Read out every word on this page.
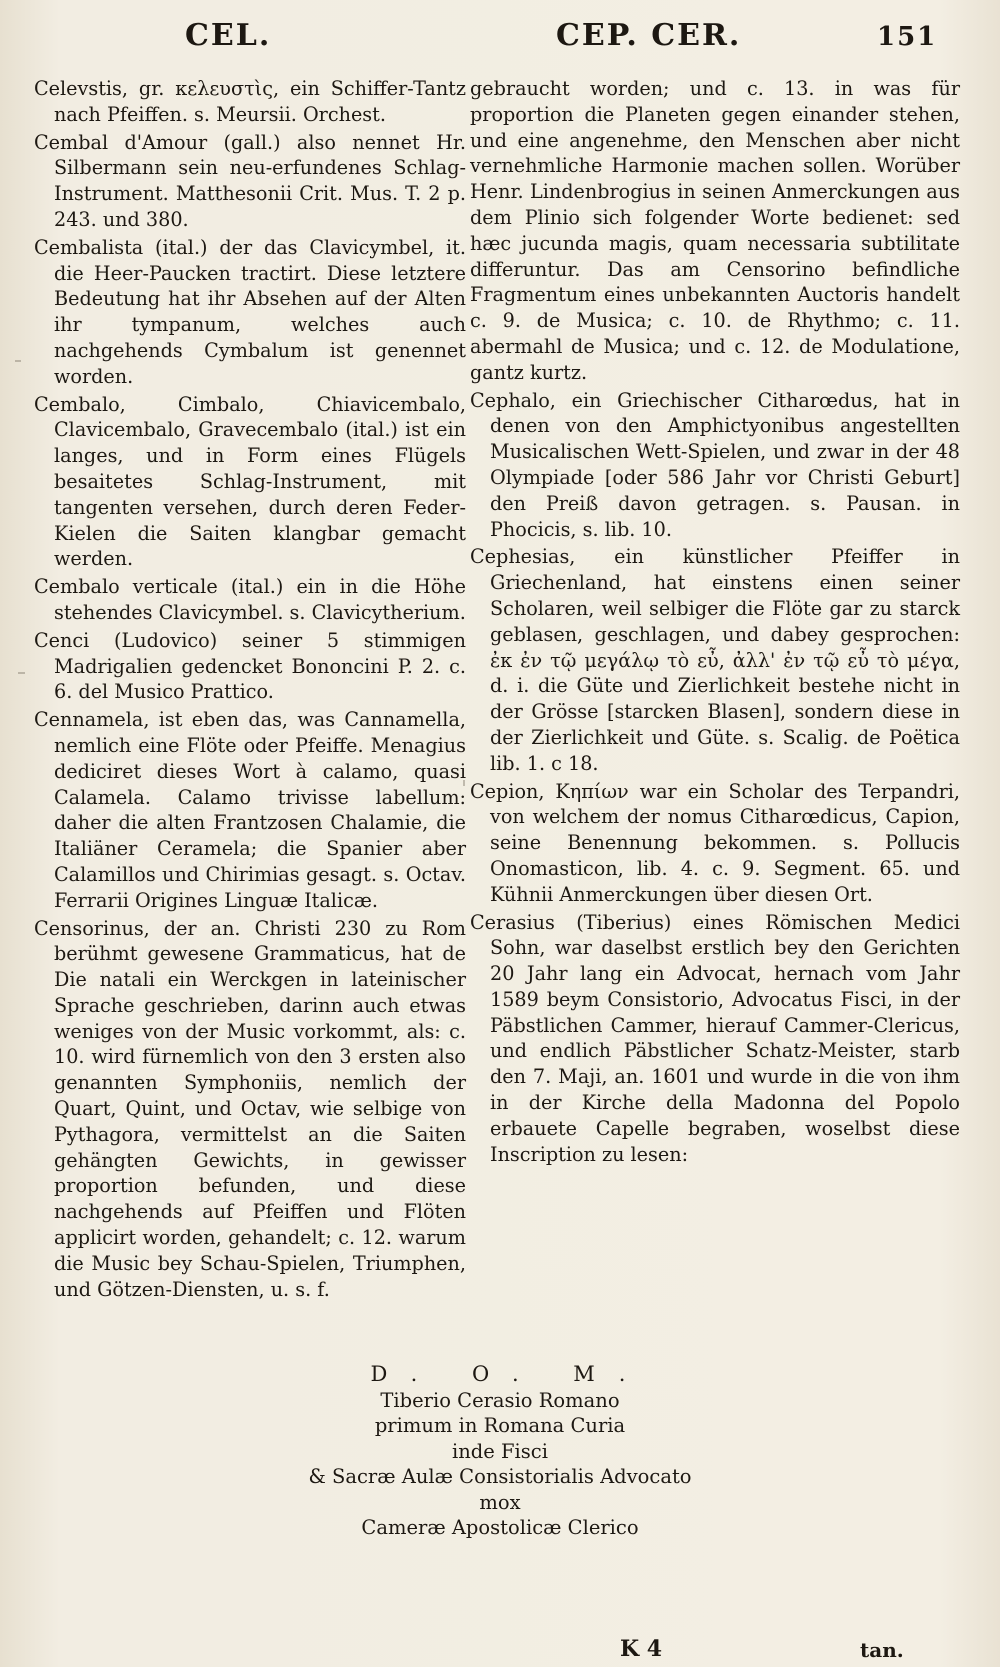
CEL.	CEP. CER.	151

Celevstis, gr. κελευστὶς, ein Schiffer-Tantz nach Pfeiffen. s. Meursii. Orchest.

Cembal d'Amour (gall.) also nennet Hr. Silbermann sein neu-erfundenes Schlag-Instrument. Matthesonii Crit. Mus. T. 2 p. 243. und 380.

Cembalista (ital.) der das Clavicymbel, it. die Heer-Paucken tractirt. Diese letztere Bedeutung hat ihr Absehen auf der Alten ihr tympanum, welches auch nachgehends Cymbalum ist genennet worden.

Cembalo, Cimbalo, Chiavicembalo, Clavicembalo, Gravecembalo (ital.) ist ein langes, und in Form eines Flügels besaitetes Schlag-Instrument, mit tangenten versehen, durch deren Feder-Kielen die Saiten klangbar gemacht werden.

Cembalo verticale (ital.) ein in die Höhe stehendes Clavicymbel. s. Clavicytherium.

Cenci (Ludovico) seiner 5 stimmigen Madrigalien gedencket Bononcini P. 2. c. 6. del Musico Prattico.

Cennamela, ist eben das, was Cannamella, nemlich eine Flöte oder Pfeiffe. Menagius dediciret dieses Wort à calamo, quasi Calamela. Calamo trivisse labellum: daher die alten Frantzosen Chalamie, die Italiäner Ceramela; die Spanier aber Calamillos und Chirimias gesagt. s. Octav. Ferrarii Origines Linguæ Italicæ.

Censorinus, der an. Christi 230 zu Rom berühmt gewesene Grammaticus, hat de Die natali ein Werckgen in lateinischer Sprache geschrieben, darinn auch etwas weniges von der Music vorkommt, als: c. 10. wird fürnemlich von den 3 ersten also genannten Symphoniis, nemlich der Quart, Quint, und Octav, wie selbige von Pythagora, vermittelst an die Saiten gehängten Gewichts, in gewisser proportion befunden, und diese nachgehends auf Pfeiffen und Flöten applicirt worden, gehandelt; c. 12. warum die Music bey Schau-Spielen, Triumphen, und Götzen-Diensten, u. s. f.

gebraucht worden; und c. 13. in was für proportion die Planeten gegen einander stehen, und eine angenehme, den Menschen aber nicht vernehmliche Harmonie machen sollen. Worüber Henr. Lindenbrogius in seinen Anmerckungen aus dem Plinio sich folgender Worte bedienet: sed hæc jucunda magis, quam necessaria subtilitate differuntur. Das am Censorino befindliche Fragmentum eines unbekannten Auctoris handelt c. 9. de Musica; c. 10. de Rhythmo; c. 11. abermahl de Musica; und c. 12. de Modulatione, gantz kurtz.

Cephalo, ein Griechischer Citharœdus, hat in denen von den Amphictyonibus angestellten Musicalischen Wett-Spielen, und zwar in der 48 Olympiade [oder 586 Jahr vor Christi Geburt] den Preiß davon getragen. s. Pausan. in Phocicis, s. lib. 10.

Cephesias, ein künstlicher Pfeiffer in Griechenland, hat einstens einen seiner Scholaren, weil selbiger die Flöte gar zu starck geblasen, geschlagen, und dabey gesprochen: ἐκ ἐν τῷ μεγάλῳ τὸ εὖ, ἀλλ' ἐν τῷ εὖ τὸ μέγα, d. i. die Güte und Zierlichkeit bestehe nicht in der Grösse [starcken Blasen], sondern diese in der Zierlichkeit und Güte. s. Scalig. de Poëtica lib. 1. c 18.

Cepion, Κηπίων war ein Scholar des Terpandri, von welchem der nomus Citharœdicus, Capion, seine Benennung bekommen. s. Pollucis Onomasticon, lib. 4. c. 9. Segment. 65. und Kühnii Anmerckungen über diesen Ort.

Cerasius (Tiberius) eines Römischen Medici Sohn, war daselbst erstlich bey den Gerichten 20 Jahr lang ein Advocat, hernach vom Jahr 1589 beym Consistorio, Advocatus Fisci, in der Päbstlichen Cammer, hierauf Cammer-Clericus, und endlich Päbstlicher Schatz-Meister, starb den 7. Maji, an. 1601 und wurde in die von ihm in der Kirche della Madonna del Popolo erbauete Capelle begraben, woselbst diese Inscription zu lesen:

D. O. M.
Tiberio Cerasio Romano
primum in Romana Curia
inde Fisci
& Sacræ Aulæ Consistorialis Advocato
mox
Cameræ Apostolicæ Clerico
K 4	tan.
